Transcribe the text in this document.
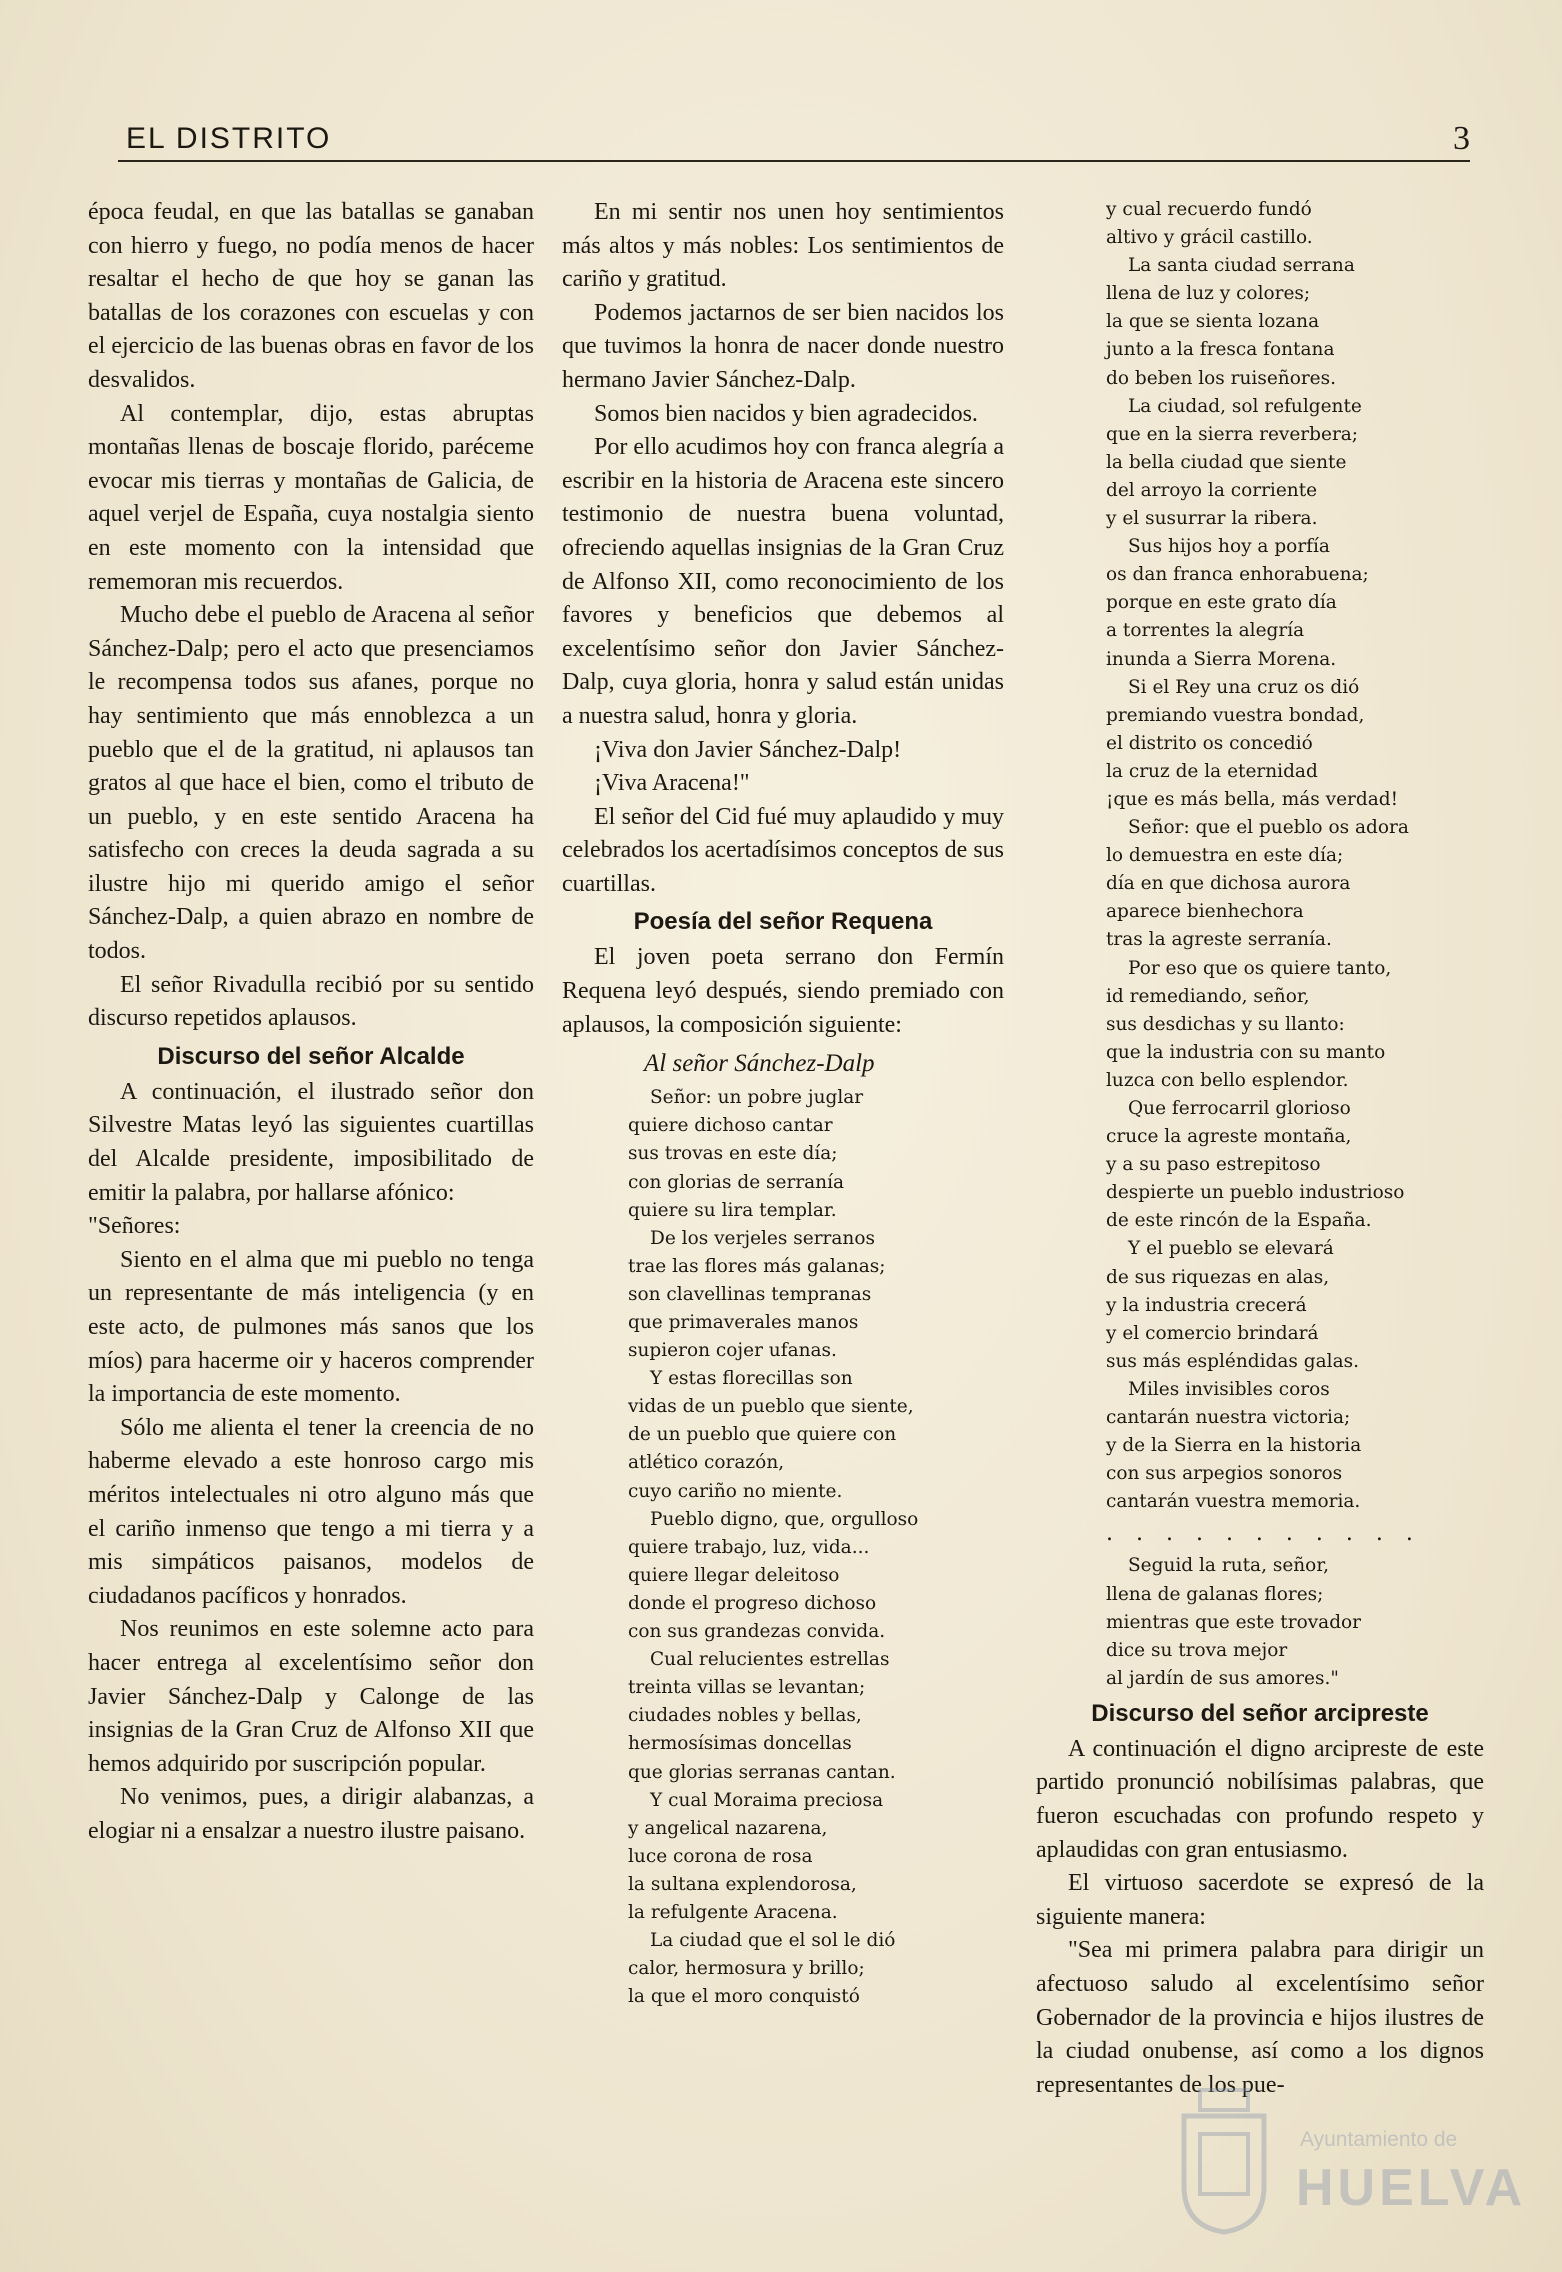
EL DISTRITO	3

época feudal, en que las batallas se ganaban con hierro y fuego, no podía menos de hacer resaltar el hecho de que hoy se ganan las batallas de los corazones con escuelas y con el ejercicio de las buenas obras en favor de los desvalidos.

Al contemplar, dijo, estas abruptas montañas llenas de boscaje florido, paréceme evocar mis tierras y montañas de Galicia, de aquel verjel de España, cuya nostalgia siento en este momento con la intensidad que rememoran mis recuerdos.

Mucho debe el pueblo de Aracena al señor Sánchez-Dalp; pero el acto que presenciamos le recompensa todos sus afanes, porque no hay sentimiento que más ennoblezca a un pueblo que el de la gratitud, ni aplausos tan gratos al que hace el bien, como el tributo de un pueblo, y en este sentido Aracena ha satisfecho con creces la deuda sagrada a su ilustre hijo mi querido amigo el señor Sánchez-Dalp, a quien abrazo en nombre de todos.

El señor Rivadulla recibió por su sentido discurso repetidos aplausos.

Discurso del señor Alcalde

A continuación, el ilustrado señor don Silvestre Matas leyó las siguientes cuartillas del Alcalde presidente, imposibilitado de emitir la palabra, por hallarse afónico:

"Señores:

Siento en el alma que mi pueblo no tenga un representante de más inteligencia (y en este acto, de pulmones más sanos que los míos) para hacerme oir y haceros comprender la importancia de este momento.

Sólo me alienta el tener la creencia de no haberme elevado a este honroso cargo mis méritos intelectuales ni otro alguno más que el cariño inmenso que tengo a mi tierra y a mis simpáticos paisanos, modelos de ciudadanos pacíficos y honrados.

Nos reunimos en este solemne acto para hacer entrega al excelentísimo señor don Javier Sánchez-Dalp y Calonge de las insignias de la Gran Cruz de Alfonso XII que hemos adquirido por suscripción popular.

No venimos, pues, a dirigir alabanzas, a elogiar ni a ensalzar a nuestro ilustre paisano.

En mi sentir nos unen hoy sentimientos más altos y más nobles: Los sentimientos de cariño y gratitud.

Podemos jactarnos de ser bien nacidos los que tuvimos la honra de nacer donde nuestro hermano Javier Sánchez-Dalp.

Somos bien nacidos y bien agradecidos.

Por ello acudimos hoy con franca alegría a escribir en la historia de Aracena este sincero testimonio de nuestra buena voluntad, ofreciendo aquellas insignias de la Gran Cruz de Alfonso XII, como reconocimiento de los favores y beneficios que debemos al excelentísimo señor don Javier Sánchez-Dalp, cuya gloria, honra y salud están unidas a nuestra salud, honra y gloria.

¡Viva don Javier Sánchez-Dalp!

¡Viva Aracena!"

El señor del Cid fué muy aplaudido y muy celebrados los acertadísimos conceptos de sus cuartillas.

Poesía del señor Requena

El joven poeta serrano don Fermín Requena leyó después, siendo premiado con aplausos, la composición siguiente:

Al señor Sánchez-Dalp
Señor: un pobre juglar
quiere dichoso cantar
sus trovas en este día;
con glorias de serranía
quiere su lira templar.
De los verjeles serranos
trae las flores más galanas;
son clavellinas tempranas
que primaverales manos
supieron cojer ufanas.
Y estas florecillas son
vidas de un pueblo que siente,
de un pueblo que quiere con
atlético corazón,
cuyo cariño no miente.
Pueblo digno, que, orgulloso
quiere trabajo, luz, vida...
quiere llegar deleitoso
donde el progreso dichoso
con sus grandezas convida.
Cual relucientes estrellas
treinta villas se levantan;
ciudades nobles y bellas,
hermosísimas doncellas
que glorias serranas cantan.
Y cual Moraima preciosa
y angelical nazarena,
luce corona de rosa
la sultana explendorosa,
la refulgente Aracena.
La ciudad que el sol le dió
calor, hermosura y brillo;
la que el moro conquistó
y cual recuerdo fundó
altivo y grácil castillo.
La santa ciudad serrana
llena de luz y colores;
la que se sienta lozana
junto a la fresca fontana
do beben los ruiseñores.
La ciudad, sol refulgente
que en la sierra reverbera;
la bella ciudad que siente
del arroyo la corriente
y el susurrar la ribera.
Sus hijos hoy a porfía
os dan franca enhorabuena;
porque en este grato día
a torrentes la alegría
inunda a Sierra Morena.
Si el Rey una cruz os dió
premiando vuestra bondad,
el distrito os concedió
la cruz de la eternidad
¡que es más bella, más verdad!
Señor: que el pueblo os adora
lo demuestra en este día;
día en que dichosa aurora
aparece bienhechora
tras la agreste serranía.
Por eso que os quiere tanto,
id remediando, señor,
sus desdichas y su llanto:
que la industria con su manto
luzca con bello esplendor.
Que ferrocarril glorioso
cruce la agreste montaña,
y a su paso estrepitoso
despierte un pueblo industrioso
de este rincón de la España.
Y el pueblo se elevará
de sus riquezas en alas,
y la industria crecerá
y el comercio brindará
sus más espléndidas galas.
Miles invisibles coros
cantarán nuestra victoria;
y de la Sierra en la historia
con sus arpegios sonoros
cantarán vuestra memoria.
. . . . . . . . . . .
Seguid la ruta, señor,
llena de galanas flores;
mientras que este trovador
dice su trova mejor
al jardín de sus amores."
Discurso del señor arcipreste

A continuación el digno arcipreste de este partido pronunció nobilísimas palabras, que fueron escuchadas con profundo respeto y aplaudidas con gran entusiasmo.

El virtuoso sacerdote se expresó de la siguiente manera:

"Sea mi primera palabra para dirigir un afectuoso saludo al excelentísimo señor Gobernador de la provincia e hijos ilustres de la ciudad onubense, así como a los dignos representantes de los pue-

Ayuntamiento de
HUELVA
